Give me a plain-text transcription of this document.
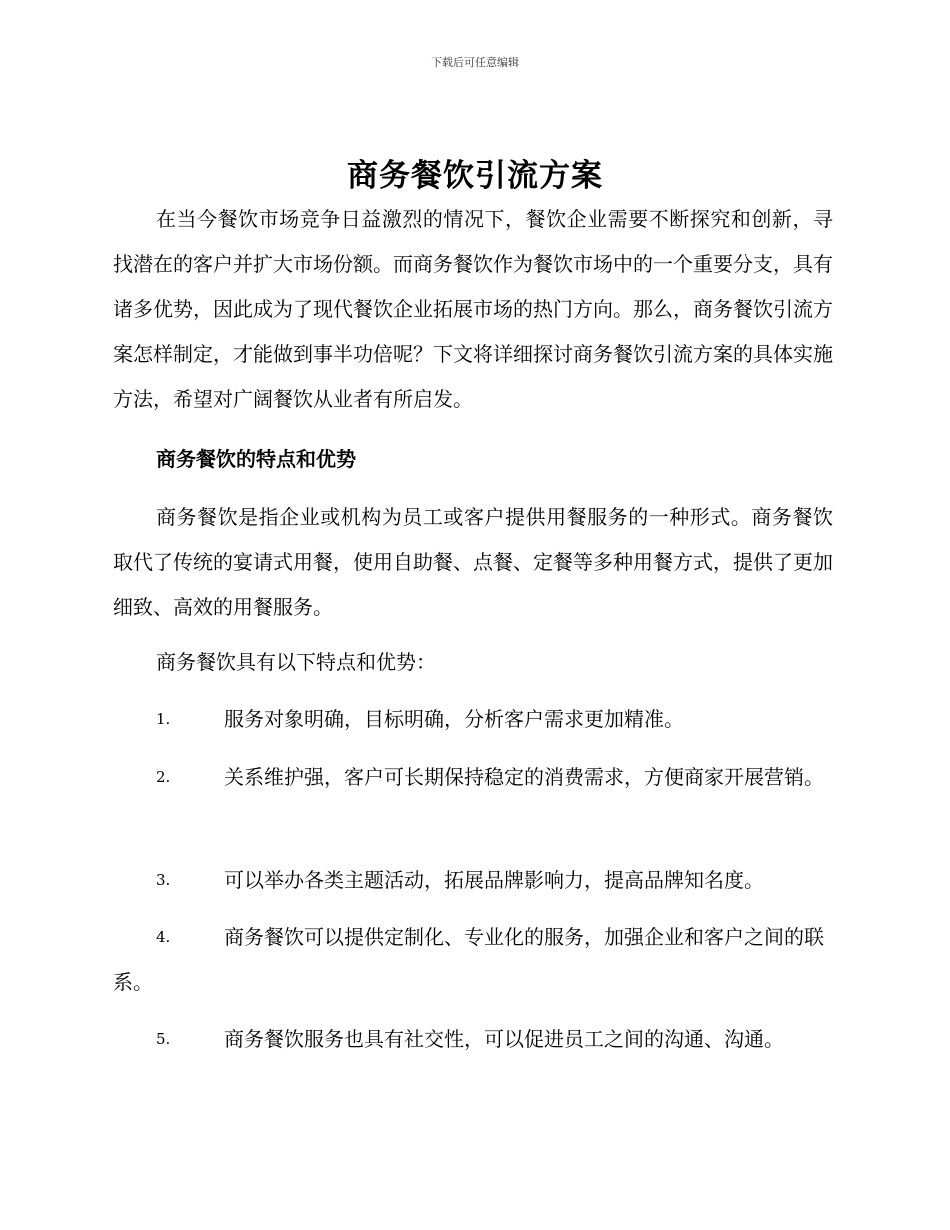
下载后可任意编辑
商务餐饮引流方案
在当今餐饮市场竞争日益激烈的情况下，餐饮企业需要不断探究和创新，寻找潜在的客户并扩大市场份额。而商务餐饮作为餐饮市场中的一个重要分支，具有诸多优势，因此成为了现代餐饮企业拓展市场的热门方向。那么，商务餐饮引流方案怎样制定，才能做到事半功倍呢？下文将详细探讨商务餐饮引流方案的具体实施方法，希望对广阔餐饮从业者有所启发。
商务餐饮的特点和优势
商务餐饮是指企业或机构为员工或客户提供用餐服务的一种形式。商务餐饮取代了传统的宴请式用餐，使用自助餐、点餐、定餐等多种用餐方式，提供了更加细致、高效的用餐服务。
商务餐饮具有以下特点和优势：
1.	服务对象明确，目标明确，分析客户需求更加精准。
2.	关系维护强，客户可长期保持稳定的消费需求，方便商家开展营销。
3.	可以举办各类主题活动，拓展品牌影响力，提高品牌知名度。
4.	商务餐饮可以提供定制化、专业化的服务，加强企业和客户之间的联系。
5.	商务餐饮服务也具有社交性，可以促进员工之间的沟通、沟通。
